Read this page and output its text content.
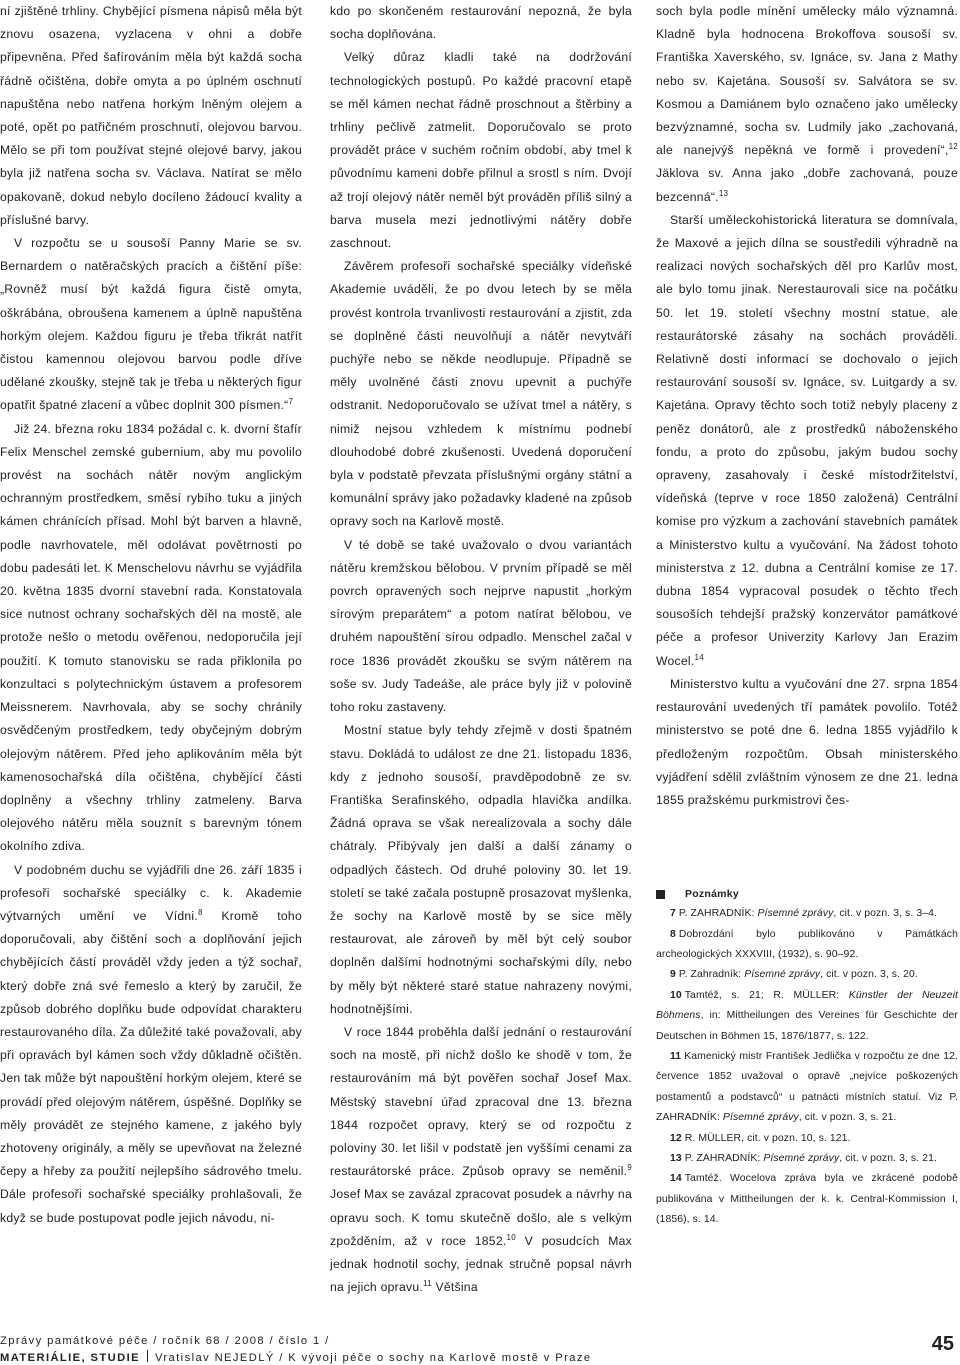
ní zjištěné trhliny. Chybějící písmena nápisů měla být znovu osazena, vyzlacena v ohni a dobře připevněna. Před šafírováním měla být každá socha řádně očištěna, dobře omyta a po úplném oschnutí napuštěna nebo natřena horkým lněným olejem a poté, opět po patřičném proschnutí, olejovou barvou. Mělo se při tom používat stejné olejové barvy, jakou byla již natřena socha sv. Václava. Natírat se mělo opakovaně, dokud nebylo docíleno žádoucí kvality a příslušné barvy.

V rozpočtu se u sousoší Panny Marie se sv. Bernardem o natěračských pracích a čištění píše: „Rovněž musí být každá figura čistě omyta, oškrábána, obroušena kamenem a úplně napuštěna horkým olejem. Každou figuru je třeba třikrát natřít čistou kamennou olejovou barvou podle dříve udělané zkoušky, stejně tak je třeba u některých figur opatřit špatné zlacení a vůbec doplnit 300 písmen.“$^7$

Již 24. března roku 1834 požádal c. k. dvorní štafír Felix Menschel zemské gubernium, aby mu povolilo provést na sochách nátěr novým anglickým ochranným prostředkem, směsí rybího tuku a jiných kámen chránících přísad. Mohl být barven a hlavně, podle navrhovatele, měl odolávat povětrnosti po dobu padesáti let. K Menschelovu návrhu se vyjádřila 20. května 1835 dvorní stavební rada. Konstatovala sice nutnost ochrany sochařských děl na mostě, ale protože nešlo o metodu ověřenou, nedoporučila její použití. K tomuto stanovisku se rada přiklonila po konzultaci s polytechnickým ústavem a profesorem Meissnerem. Navrhovala, aby se sochy chránily osvědčeným prostředkem, tedy obyčejným dobrým olejovým nátěrem. Před jeho aplikováním měla být kamenosochařská díla očištěna, chybějící části doplněny a všechny trhliny zatmeleny. Barva olejového nátěru měla souznít s barevným tónem okolního zdiva.

V podobném duchu se vyjádřili dne 26. září 1835 i profesoři sochařské speciálky c. k. Akademie výtvarných umění ve Vídni.$^8$ Kromě toho doporučovali, aby čištění soch a doplňování jejich chybějících částí prováděl vždy jeden a týž sochař, který dobře zná své řemeslo a který by zaručil, že způsob dobrého doplňku bude odpovídat charakteru restaurovaného díla. Za důležité také považovali, aby při opravách byl kámen soch vždy důkladně očištěn. Jen tak může být napouštění horkým olejem, které se provádí před olejovým nátěrem, úspěšné. Doplňky se měly provádět ze stejného kamene, z jakého byly zhotoveny originály, a měly se upevňovat na železné čepy a hřeby za použití nejlepšího sádrového tmelu. Dále profesoři sochařské speciálky prohlašovali, že když se bude postupovat podle jejich návodu, ni-

kdo po skončeném restaurování nepozná, že byla socha doplňována.

Velký důraz kladli také na dodržování technologických postupů. Po každé pracovní etapě se měl kámen nechat řádně proschnout a štěrbiny a trhliny pečlivě zatmelit. Doporučovalo se proto provádět práce v suchém ročním období, aby tmel k původnímu kameni dobře přilnul a srostl s ním. Dvojí až trojí olejový nátěr neměl být prováděn příliš silný a barva musela mezi jednotlivými nátěry dobře zaschnout.

Závěrem profesoři sochařské speciálky vídeňské Akademie uváděli, že po dvou letech by se měla provést kontrola trvanlivosti restaurování a zjistit, zda se doplněné části neuvolňují a nátěr nevytváří puchýře nebo se někde neodlupuje. Případně se měly uvolněné části znovu upevnit a puchýře odstranit. Nedoporučovalo se užívat tmel a nátěry, s nimiž nejsou vzhledem k místnímu podnebí dlouhodobé dobré zkušenosti. Uvedená doporučení byla v podstatě převzata příslušnými orgány státní a komunální správy jako požadavky kladené na způsob opravy soch na Karlově mostě.

V té době se také uvažovalo o dvou variantách nátěru kremžskou bělobou. V prvním případě se měl povrch opravených soch nejprve napustit „horkým sírovým preparátem“ a potom natírat bělobou, ve druhém napouštění sírou odpadlo. Menschel začal v roce 1836 provádět zkoušku se svým nátěrem na soše sv. Judy Tadeáše, ale práce byly již v polovině toho roku zastaveny.

Mostní statue byly tehdy zřejmě v dosti špatném stavu. Dokládá to událost ze dne 21. listopadu 1836, kdy z jednoho sousoší, pravděpodobně ze sv. Františka Serafinského, odpadla hlavička andílka. Žádná oprava se však nerealizovala a sochy dále chátraly. Přibývaly jen další a další zánamy o odpadlých částech. Od druhé poloviny 30. let 19. století se také začala postupně prosazovat myšlenka, že sochy na Karlově mostě by se sice měly restaurovat, ale zároveň by měl být celý soubor doplněn dalšími hodnotnými sochařskými díly, nebo by měly být některé staré statue nahrazeny novými, hodnotnějšími.

V roce 1844 proběhla další jednání o restaurování soch na mostě, při nichž došlo ke shodě v tom, že restaurováním má být pověřen sochař Josef Max. Městský stavební úřad zpracoval dne 13. března 1844 rozpočet opravy, který se od rozpočtu z poloviny 30. let lišil v podstatě jen vyššími cenami za restaurátorské práce. Způsob opravy se neměnil.$^9$ Josef Max se zavázal zpracovat posudek a návrhy na opravu soch. K tomu skutečně došlo, ale s velkým zpožděním, až v roce 1852.10 V posudcích Max jednak hodnotil sochy, jednak stručně popsal návrh na jejich opravu.$^{11}$ Většina

soch byla podle mínění umělecky málo významná. Kladně byla hodnocena Brokoffova sousoší sv. Františka Xaverského, sv. Ignáce, sv. Jana z Mathy nebo sv. Kajetána. Sousoší sv. Salvátora se sv. Kosmou a Damiánem bylo označeno jako umělecky bezvýznamné, socha sv. Ludmily jako „zachovaná, ale nanejvýš nepěkná ve formě i provedení“,$^{12}$ Jäklova sv. Anna jako „dobře zachovaná, pouze bezcenná“.$^{13}$

Starší uměleckohistorická literatura se domnívala, že Maxové a jejich dílna se soustředili výhradně na realizaci nových sochařských děl pro Karlův most, ale bylo tomu jinak. Nerestaurovali sice na počátku 50. let 19. století všechny mostní statue, ale restaurátorské zásahy na sochách prováděli. Relativně dosti informací se dochovalo o jejich restaurování sousoší sv. Ignáce, sv. Luitgardy a sv. Kajetána. Opravy těchto soch totiž nebyly placeny z peněz donátorů, ale z prostředků náboženského fondu, a proto do způsobu, jakým budou sochy opraveny, zasahovaly i české místodržitelství, vídeňská (teprve v roce 1850 založená) Centrální komise pro výzkum a zachování stavebních památek a Ministerstvo kultu a vyučování. Na žádost tohoto ministerstva z 12. dubna a Centrální komise ze 17. dubna 1854 vypracoval posudek o těchto třech sousoších tehdejší pražský konzervátor památkové péče a profesor Univerzity Karlovy Jan Erazim Wocel.$^{14}$

Ministerstvo kultu a vyučování dne 27. srpna 1854 restaurování uvedených tří památek povolilo. Totéž ministerstvo se poté dne 6. ledna 1855 vyjádřilo k předloženým rozpočtům. Obsah ministerského vyjádření sdělil zvláštním výnosem ze dne 21. ledna 1855 pražskému purkmistrovi čes-

Poznámky

7 P. ZAHRADNÍK: Písemné zprávy, cit. v pozn. 3, s. 3–4.

8 Dobrozdání bylo publikováno v Památkách archeologických XXXVIII, (1932), s. 90–92.

9 P. Zahradník: Písemné zprávy, cit. v pozn. 3, s. 20.

10 Tamtéž, s. 21; R. MÜLLER: Künstler der Neuzeit Böhmens, in: Mittheilungen des Vereines für Geschichte der Deutschen in Böhmen 15, 1876/1877, s. 122.

11 Kamenický mistr František Jedlička v rozpočtu ze dne 12. července 1852 uvažoval o opravě „nejvíce poškozených postamentů a podstavců“ u patnácti místních statuí. Viz P. ZAHRADNÍK: Písemné zprávy, cit. v pozn. 3, s. 21.

12 R. MÜLLER, cit. v pozn. 10, s. 121.

13 P. ZAHRADNÍK: Písemné zprávy, cit. v pozn. 3, s. 21.

14 Tamtéž. Wocelova zpráva byla ve zkrácené podobě publikována v Mittheilungen der k. k. Central-Kommission I, (1856), s. 14.

Zprávy památkové péče / ročník 68 / 2008 / číslo 1 /
MATERIÁLIE, STUDIE Vratislav NEJEDLÝ / K vývoji péče o sochy na Karlově mostě v Praze
45
